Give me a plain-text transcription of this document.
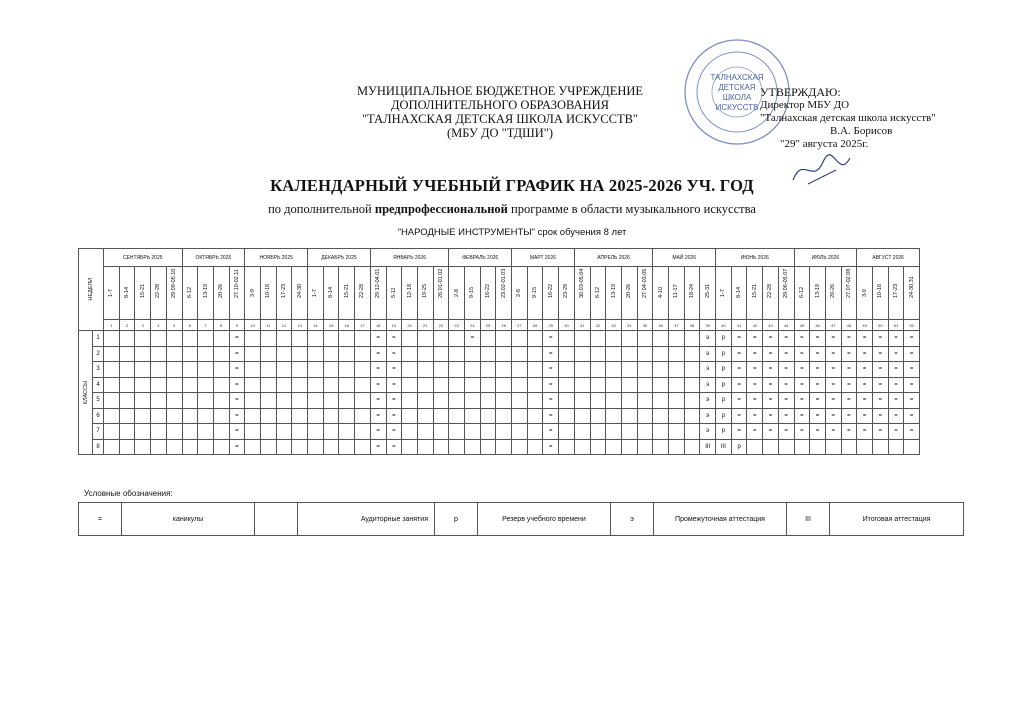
МУНИЦИПАЛЬНОЕ БЮДЖЕТНОЕ УЧРЕЖДЕНИЕ
ДОПОЛНИТЕЛЬНОГО ОБРАЗОВАНИЯ
"ТАЛНАХСКАЯ ДЕТСКАЯ ШКОЛА ИСКУССТВ"
(МБУ ДО "ТДШИ")
ТАЛНАХСКАЯ
ДЕТСКАЯ
ШКОЛА
ИСКУССТВ
УТВЕРЖДАЮ:
Директор МБУ ДО
"Талнахская детская школа искусств"
В.А. Борисов
"29" августа 2025г.
КАЛЕНДАРНЫЙ УЧЕБНЫЙ ГРАФИК НА 2025-2026 УЧ. ГОД
по дополнительной предпрофессиональной программе в области музыкального искусства
"НАРОДНЫЕ ИНСТРУМЕНТЫ" срок обучения 8 лет
НЕДЕЛИ		СЕНТЯБРЬ 2025					ОКТЯБРЬ 2025				НОЯБРЬ 2025				ДЕКАБРЬ 2025				ЯНВАРЬ 2026					ФЕВРАЛЬ 2026				МАРТ 2026				АПРЕЛЬ 2026					МАЙ 2026				ИЮНЬ 2026					ИЮЛЬ 2026				АВГУСТ 2026			

		1-7	8-14	15-21	22-28	29.09-05.10	6-12	13-19	20-26	27.10-02.11	3-9	10-16	17-23	24-30	1-7	8-14	15-21	22-28	29.12-04.01	5-11	12-18	19-25	26.01-01.02	2-8	9-15	16-22	23.02-01.03	2-8	9-15	16-22	23-29	30.03-05.04	6-12	13-19	20-26	27.04-03.05	4-10	11-17	18-24	25-31	1-7	8-14	15-21	22-28	29.06-05.07	6-12	13-19	20-26	27.07-02.08	3-9	10-16	17-23	24-30,31

		1	2	3	4	5	6	7	8	9	10	11	12	13	14	15	16	17	18	19	20	21	22	23	24	25	26	27	28	29	30	31	32	33	34	35	36	37	38	39	40	41	42	43	44	45	46	47	48	49	50	51	52

КЛАССЫ	1									=									=	=					=					=										э	р	=	=	=	=	=	=	=	=	=	=	=	=
	2									=									=	=										=										э	р	=	=	=	=	=	=	=	=	=	=	=	=
	3									=									=	=										=										э	р	=	=	=	=	=	=	=	=	=	=	=	=
	4									=									=	=										=										э	р	=	=	=	=	=	=	=	=	=	=	=	=
	5									=									=	=										=										э	р	=	=	=	=	=	=	=	=	=	=	=	=
	6									=									=	=										=										э	р	=	=	=	=	=	=	=	=	=	=	=	=
	7									=									=	=										=										э	р	=	=	=	=	=	=	=	=	=	=	=	=
	8									=									=	=										=										III	III	р											
Условные обозначения:
=	каникулы		Аудиторные занятия	р	Резерв учебного времени	э	Промежуточная аттестация	III	Итоговая аттестация
